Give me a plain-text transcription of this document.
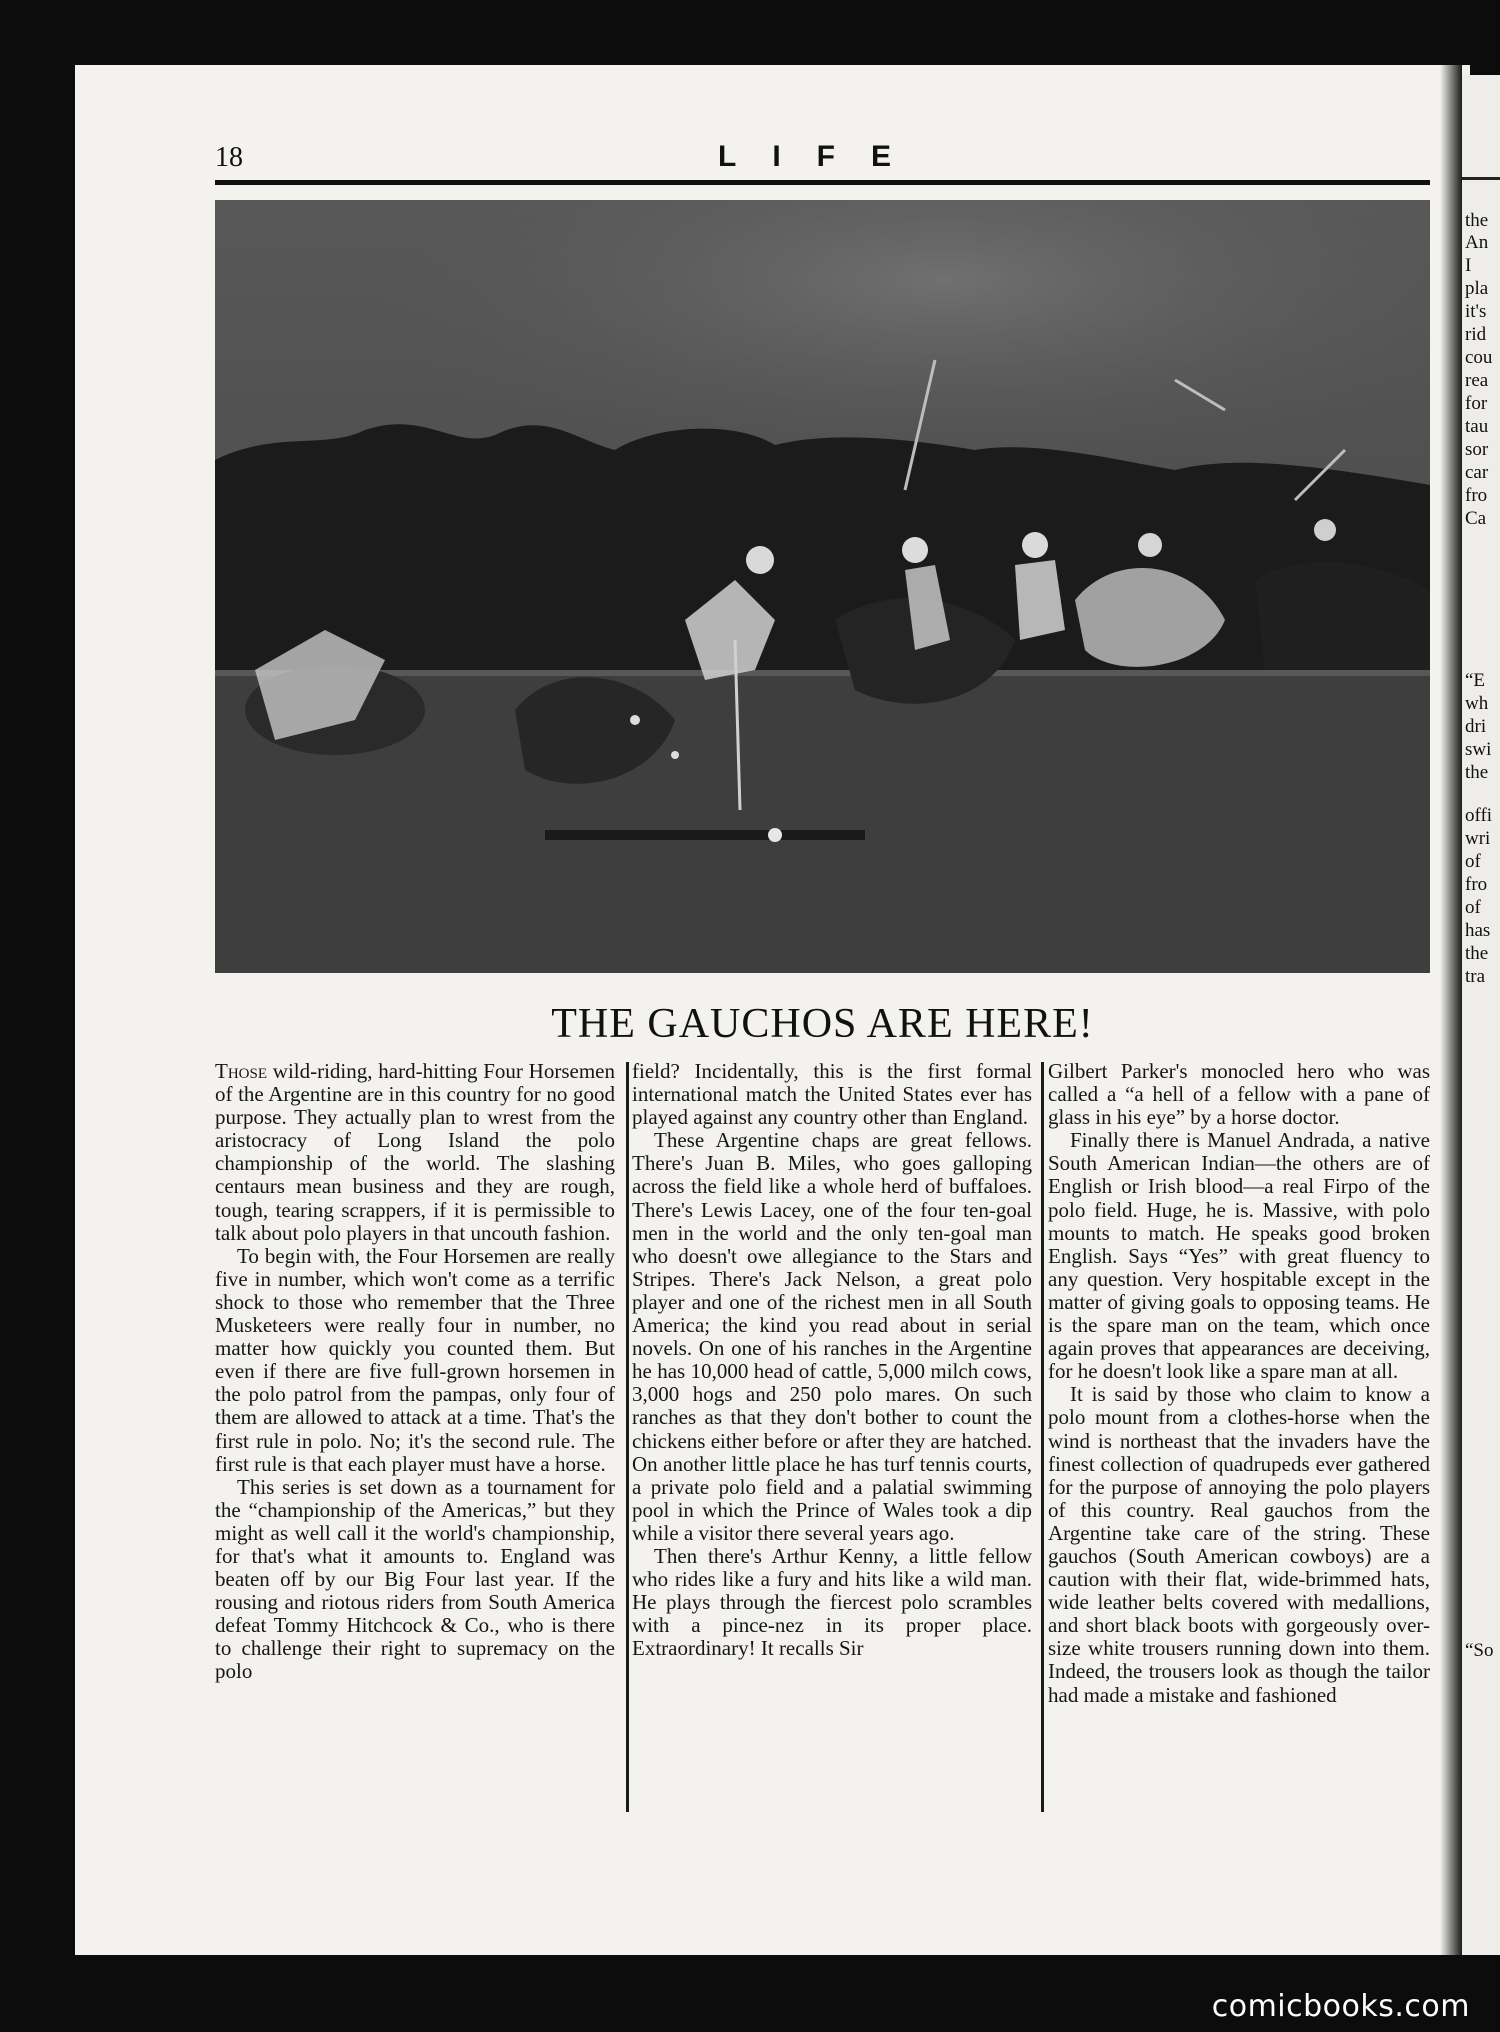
the
An
I
pla
it's
rid
cou
rea
for
tau
sor
car
fro
Ca
“E
wh
dri
swi
the
offi
wri
of
fro
of
has
the
tra
“So
18	LIFE
THE GAUCHOS ARE HERE!

Those wild-riding, hard-hitting Four Horsemen of the Argentine are in this country for no good purpose. They actually plan to wrest from the aristocracy of Long Island the polo championship of the world. The slashing centaurs mean business and they are rough, tough, tearing scrappers, if it is permissible to talk about polo players in that uncouth fashion.

To begin with, the Four Horsemen are really five in number, which won't come as a terrific shock to those who remember that the Three Musketeers were really four in number, no matter how quickly you counted them. But even if there are five full-grown horsemen in the polo patrol from the pampas, only four of them are allowed to attack at a time. That's the first rule in polo. No; it's the second rule. The first rule is that each player must have a horse.

This series is set down as a tournament for the “championship of the Americas,” but they might as well call it the world's championship, for that's what it amounts to. England was beaten off by our Big Four last year. If the rousing and riotous riders from South America defeat Tommy Hitchcock & Co., who is there to challenge their right to supremacy on the polo

field? Incidentally, this is the first formal international match the United States ever has played against any country other than England.

These Argentine chaps are great fellows. There's Juan B. Miles, who goes galloping across the field like a whole herd of buffaloes. There's Lewis Lacey, one of the four ten-goal men in the world and the only ten-goal man who doesn't owe allegiance to the Stars and Stripes. There's Jack Nelson, a great polo player and one of the richest men in all South America; the kind you read about in serial novels. On one of his ranches in the Argentine he has 10,000 head of cattle, 5,000 milch cows, 3,000 hogs and 250 polo mares. On such ranches as that they don't bother to count the chickens either before or after they are hatched. On another little place he has turf tennis courts, a private polo field and a palatial swimming pool in which the Prince of Wales took a dip while a visitor there several years ago.

Then there's Arthur Kenny, a little fellow who rides like a fury and hits like a wild man. He plays through the fiercest polo scrambles with a pince-nez in its proper place. Extraordinary! It recalls Sir

Gilbert Parker's monocled hero who was called a “a hell of a fellow with a pane of glass in his eye” by a horse doctor.

Finally there is Manuel Andrada, a native South American Indian—the others are of English or Irish blood—a real Firpo of the polo field. Huge, he is. Massive, with polo mounts to match. He speaks good broken English. Says “Yes” with great fluency to any question. Very hospitable except in the matter of giving goals to opposing teams. He is the spare man on the team, which once again proves that appearances are deceiving, for he doesn't look like a spare man at all.

It is said by those who claim to know a polo mount from a clothes-horse when the wind is northeast that the invaders have the finest collection of quadrupeds ever gathered for the purpose of annoying the polo players of this country. Real gauchos from the Argentine take care of the string. These gauchos (South American cowboys) are a caution with their flat, wide-brimmed hats, wide leather belts covered with medallions, and short black boots with gorgeously over-size white trousers running down into them. Indeed, the trousers look as though the tailor had made a mistake and fashioned

comicbooks.com
